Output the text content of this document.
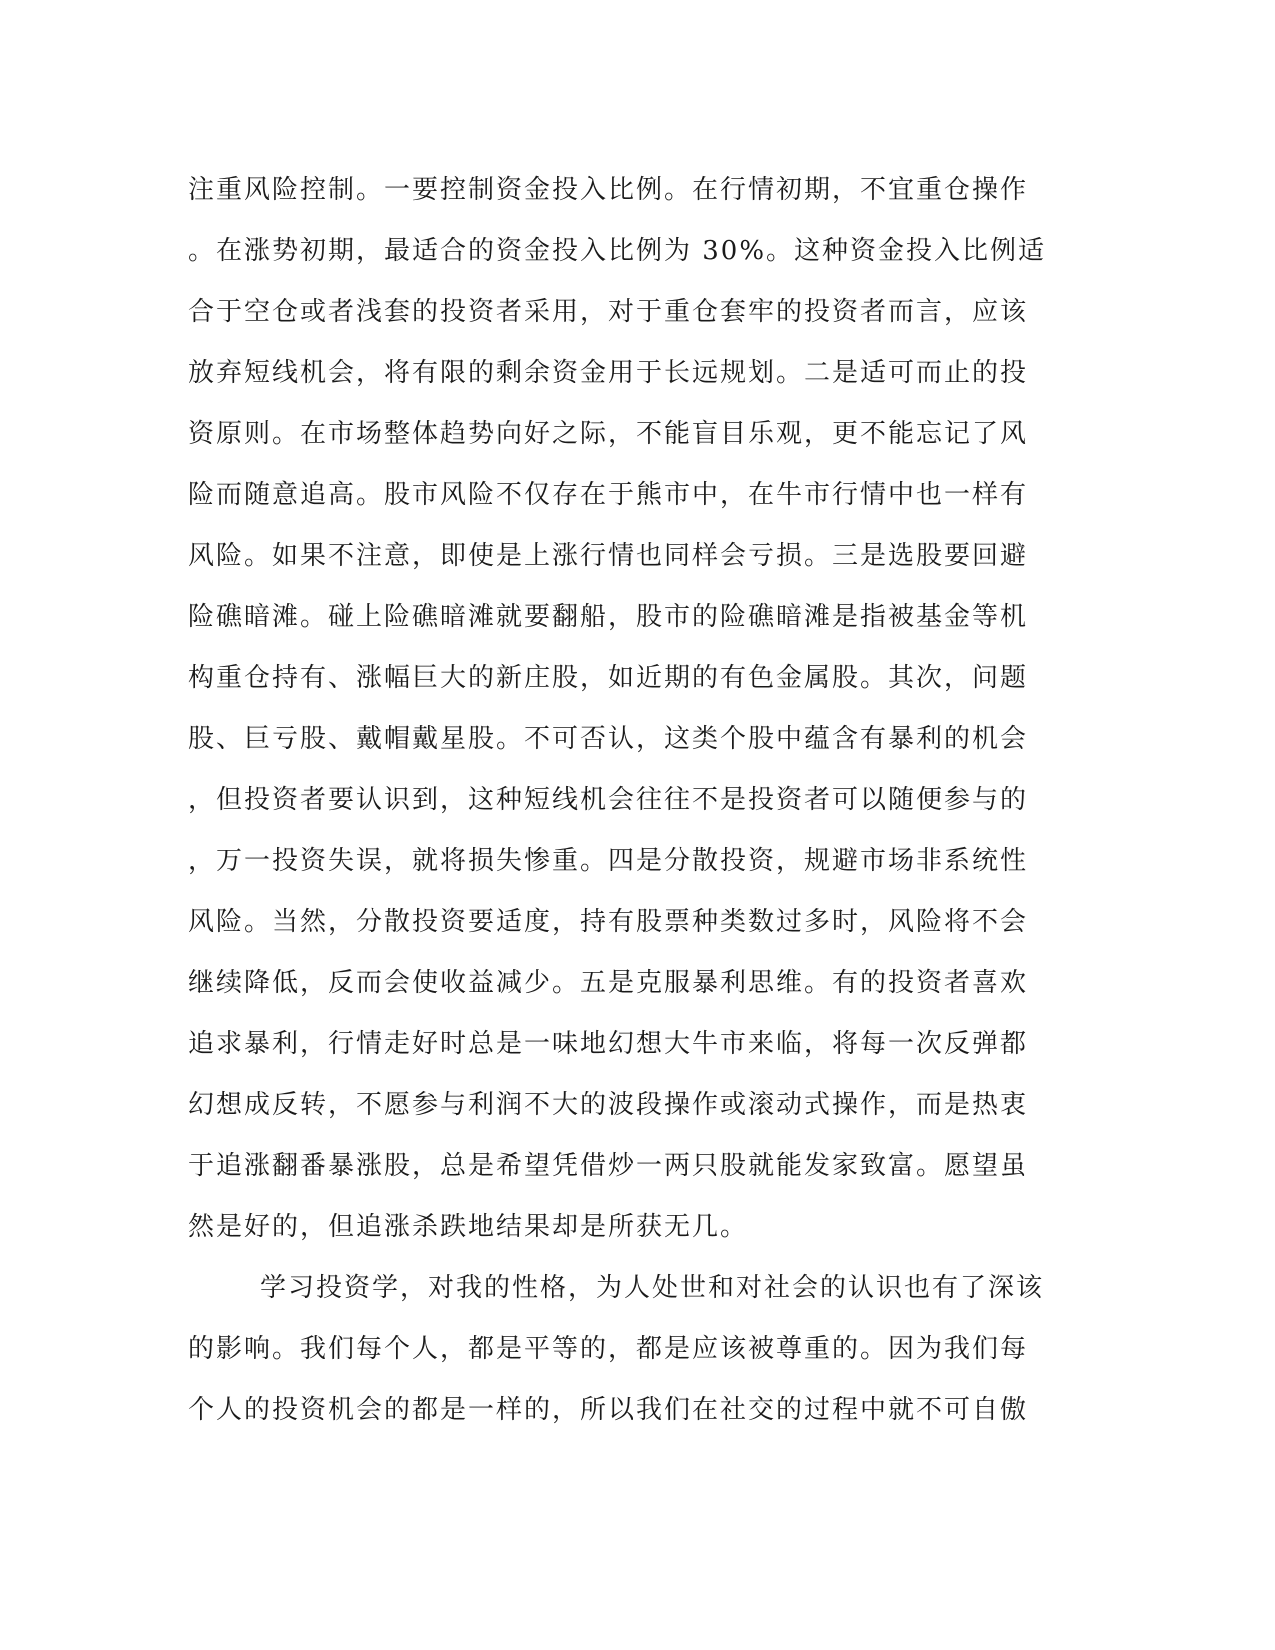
注重风险控制。一要控制资金投入比例。在行情初期，不宜重仓操作
。在涨势初期，最适合的资金投入比例为 30%。这种资金投入比例适
合于空仓或者浅套的投资者采用，对于重仓套牢的投资者而言，应该
放弃短线机会，将有限的剩余资金用于长远规划。二是适可而止的投
资原则。在市场整体趋势向好之际，不能盲目乐观，更不能忘记了风
险而随意追高。股市风险不仅存在于熊市中，在牛市行情中也一样有
风险。如果不注意，即使是上涨行情也同样会亏损。三是选股要回避
险礁暗滩。碰上险礁暗滩就要翻船，股市的险礁暗滩是指被基金等机
构重仓持有、涨幅巨大的新庄股，如近期的有色金属股。其次，问题
股、巨亏股、戴帽戴星股。不可否认，这类个股中蕴含有暴利的机会
，但投资者要认识到，这种短线机会往往不是投资者可以随便参与的
，万一投资失误，就将损失惨重。四是分散投资，规避市场非系统性
风险。当然，分散投资要适度，持有股票种类数过多时，风险将不会
继续降低，反而会使收益减少。五是克服暴利思维。有的投资者喜欢
追求暴利，行情走好时总是一味地幻想大牛市来临，将每一次反弹都
幻想成反转，不愿参与利润不大的波段操作或滚动式操作，而是热衷
于追涨翻番暴涨股，总是希望凭借炒一两只股就能发家致富。愿望虽
然是好的，但追涨杀跌地结果却是所获无几。
学习投资学，对我的性格，为人处世和对社会的认识也有了深该
的影响。我们每个人，都是平等的，都是应该被尊重的。因为我们每
个人的投资机会的都是一样的，所以我们在社交的过程中就不可自傲
